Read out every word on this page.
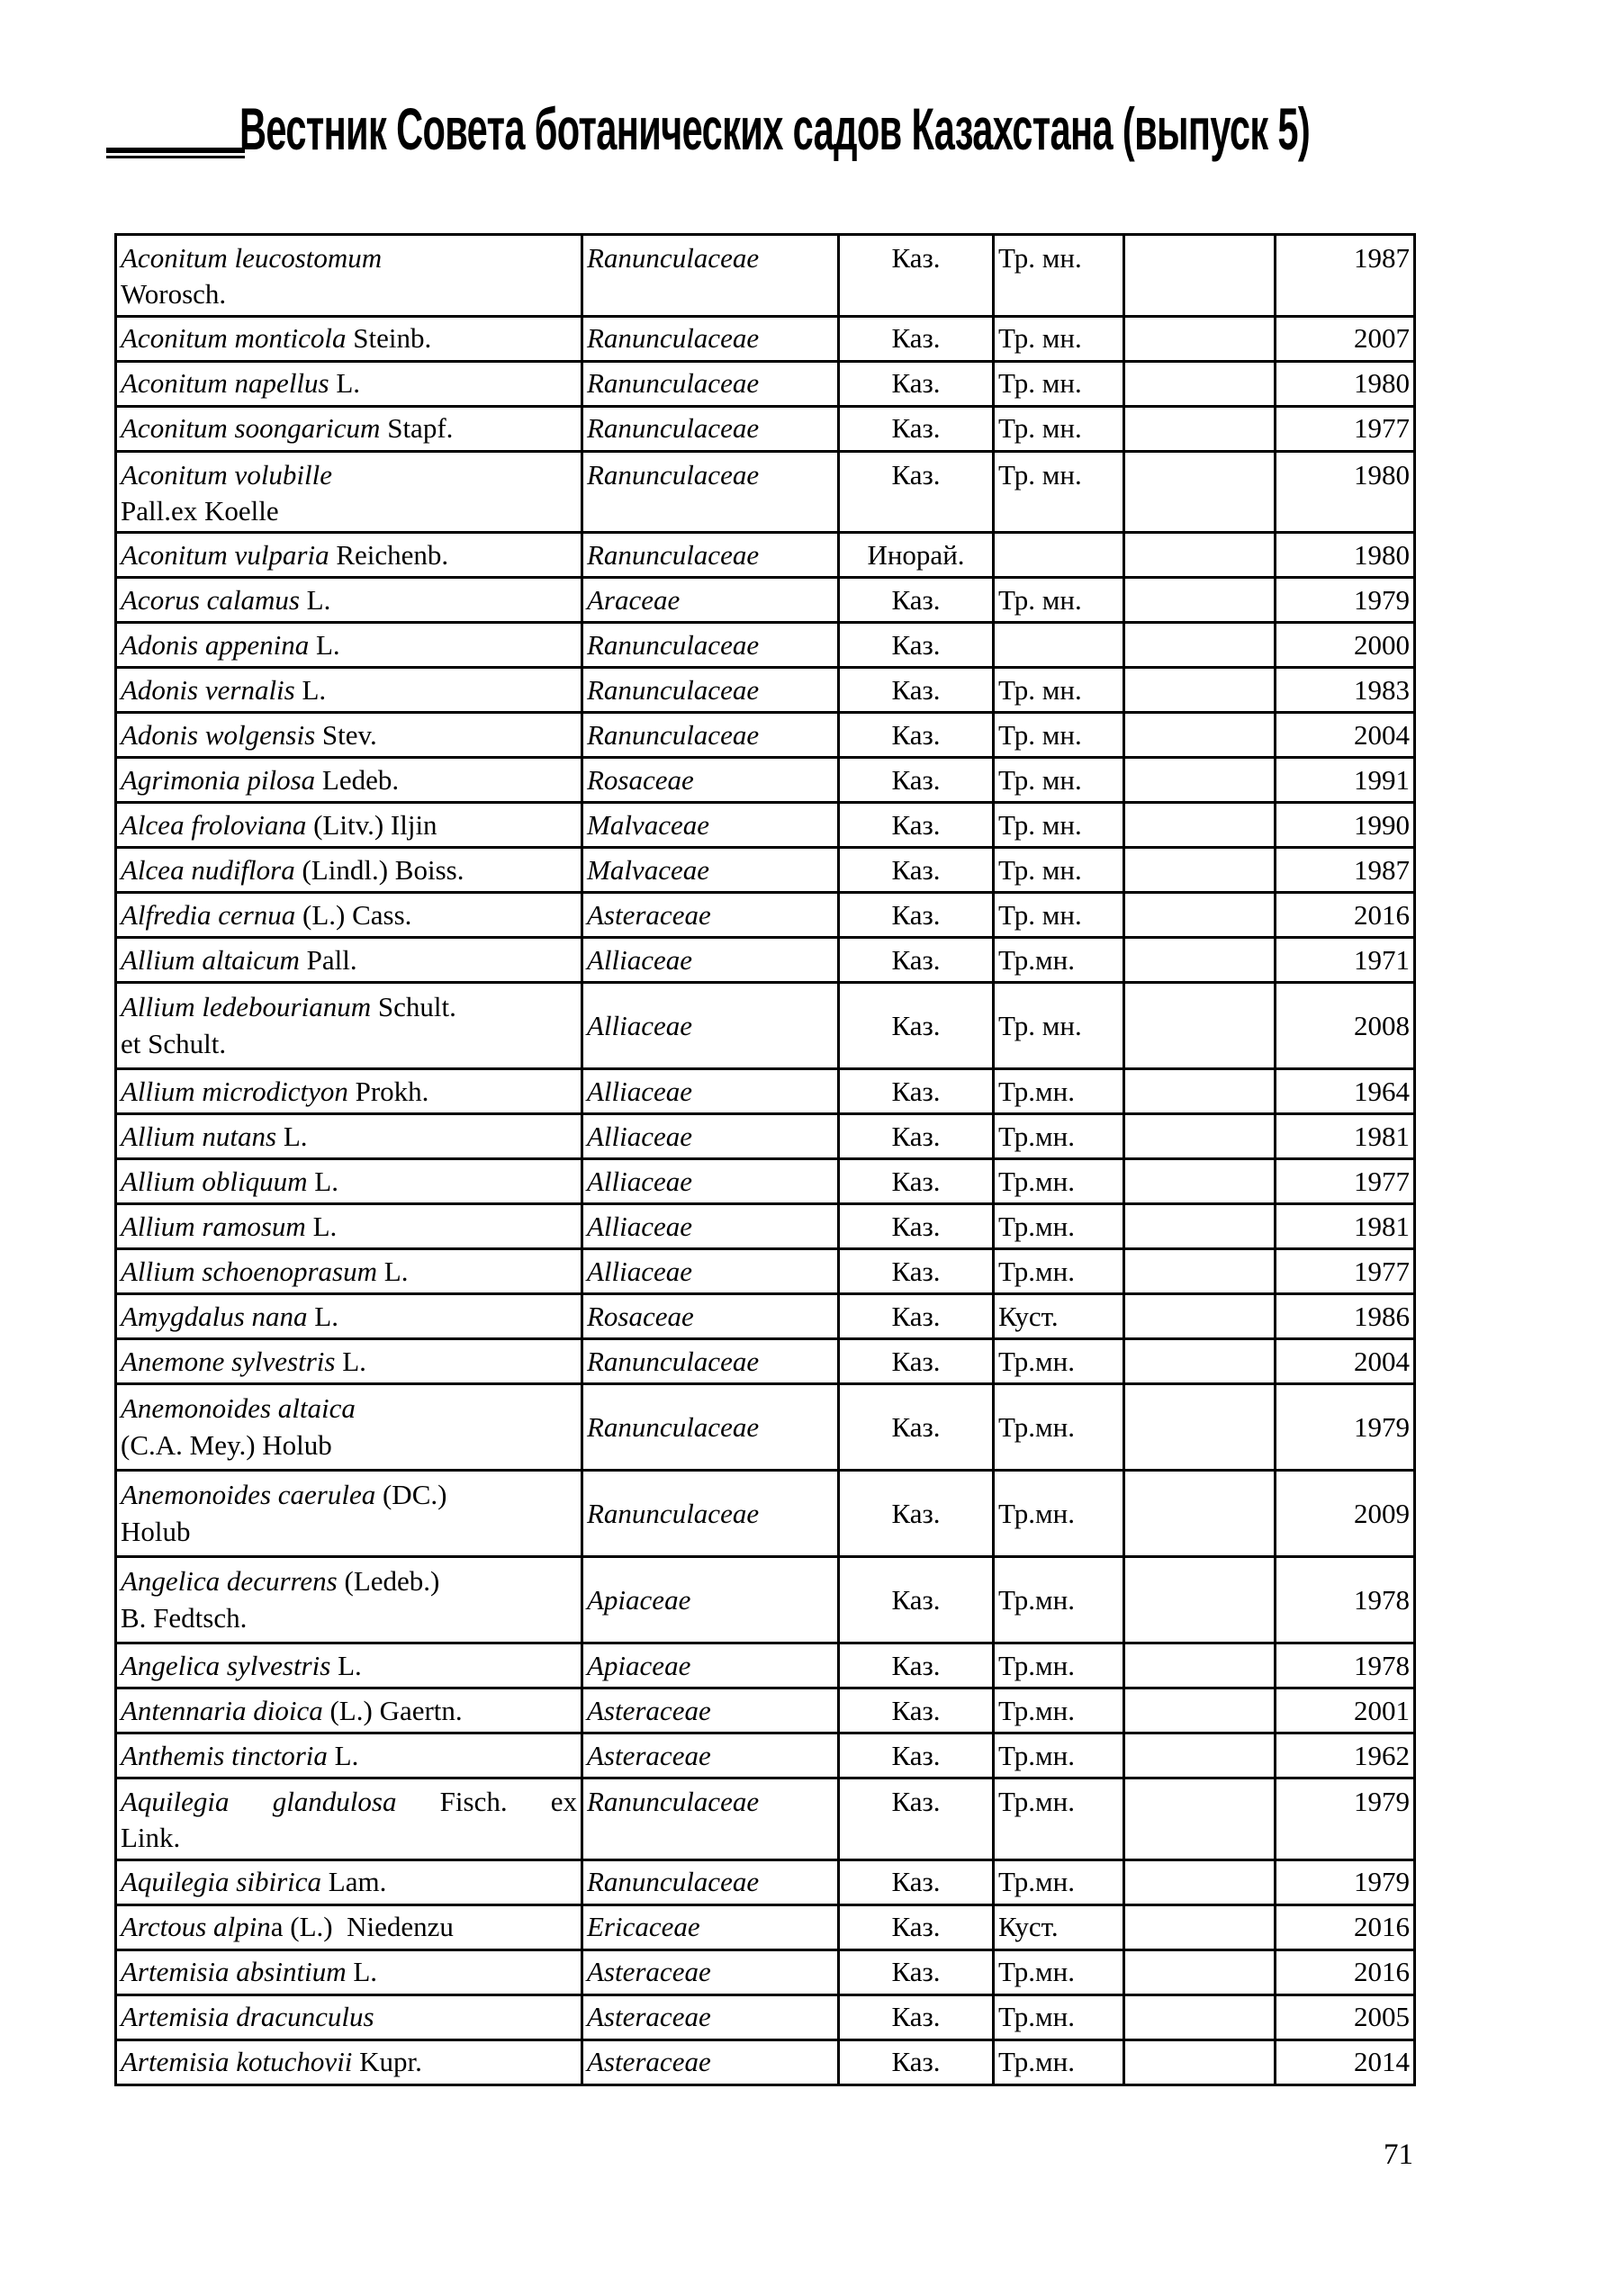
Вестник Совета ботанических садов Казахстана (выпуск 5)
Aconitum leucostomum
Worosch.	Ranunculaceae	Каз.	Тр. мн.		1987

Aconitum monticola Steinb.	Ranunculaceae	Каз.	Тр. мн.		2007

Aconitum napellus L.	Ranunculaceae	Каз.	Тр. мн.		1980

Aconitum soongaricum Stapf.	Ranunculaceae	Каз.	Тр. мн.		1977

Aconitum volubille
Pall.ex Koelle	Ranunculaceae	Каз.	Тр. мн.		1980

Aconitum vulparia Reichenb.	Ranunculaceae	Инорай.			1980

Acorus calamus L.	Araceae	Каз.	Тр. мн.		1979

Adonis appenina L.	Ranunculaceae	Каз.			2000

Adonis vernalis L.	Ranunculaceae	Каз.	Тр. мн.		1983

Adonis wolgensis Stev.	Ranunculaceae	Каз.	Тр. мн.		2004

Agrimonia pilosa Ledeb.	Rosaceae	Каз.	Тр. мн.		1991

Alcea froloviana (Litv.) Iljin	Malvaceae	Каз.	Тр. мн.		1990

Alcea nudiflora (Lindl.) Boiss.	Malvaceae	Каз.	Тр. мн.		1987

Alfredia cernua (L.) Cass.	Asteraceae	Каз.	Тр. мн.		2016

Allium altaicum Pall.	Alliaceae	Каз.	Тр.мн.		1971

Allium ledebourianum Schult.
et Schult.	Alliaceae	Каз.	Тр. мн.		2008

Allium microdictyon Prokh.	Alliaceae	Каз.	Тр.мн.		1964

Allium nutans L.	Alliaceae	Каз.	Тр.мн.		1981

Allium obliquum L.	Alliaceae	Каз.	Тр.мн.		1977

Allium ramosum L.	Alliaceae	Каз.	Тр.мн.		1981

Allium schoenoprasum L.	Alliaceae	Каз.	Тр.мн.		1977

Amygdalus nana L.	Rosaceae	Каз.	Куст.		1986

Anemone sylvestris L.	Ranunculaceae	Каз.	Тр.мн.		2004

Anemonoides altaica
(C.A. Mey.) Holub	Ranunculaceae	Каз.	Тр.мн.		1979

Anemonoides caerulea (DC.)
Holub	Ranunculaceae	Каз.	Тр.мн.		2009

Angelica decurrens (Ledeb.)
B. Fedtsch.	Apiaceae	Каз.	Тр.мн.		1978

Angelica sylvestris L.	Apiaceae	Каз.	Тр.мн.		1978

Antennaria dioica (L.) Gaertn.	Asteraceae	Каз.	Тр.мн.		2001

Anthemis tinctoria L.	Asteraceae	Каз.	Тр.мн.		1962

Aquilegia glandulosa Fisch. ex
Link.	Ranunculaceae	Каз.	Тр.мн.		1979

Aquilegia sibirica Lam.	Ranunculaceae	Каз.	Тр.мн.		1979

Arctous alpina (L.)  Niedenzu	Ericaceae	Каз.	Куст.		2016

Artemisia absintium L.	Asteraceae	Каз.	Тр.мн.		2016

Artemisia dracunculus	Asteraceae	Каз.	Тр.мн.		2005

Artemisia kotuchovii Kupr.	Asteraceae	Каз.	Тр.мн.		2014
71
